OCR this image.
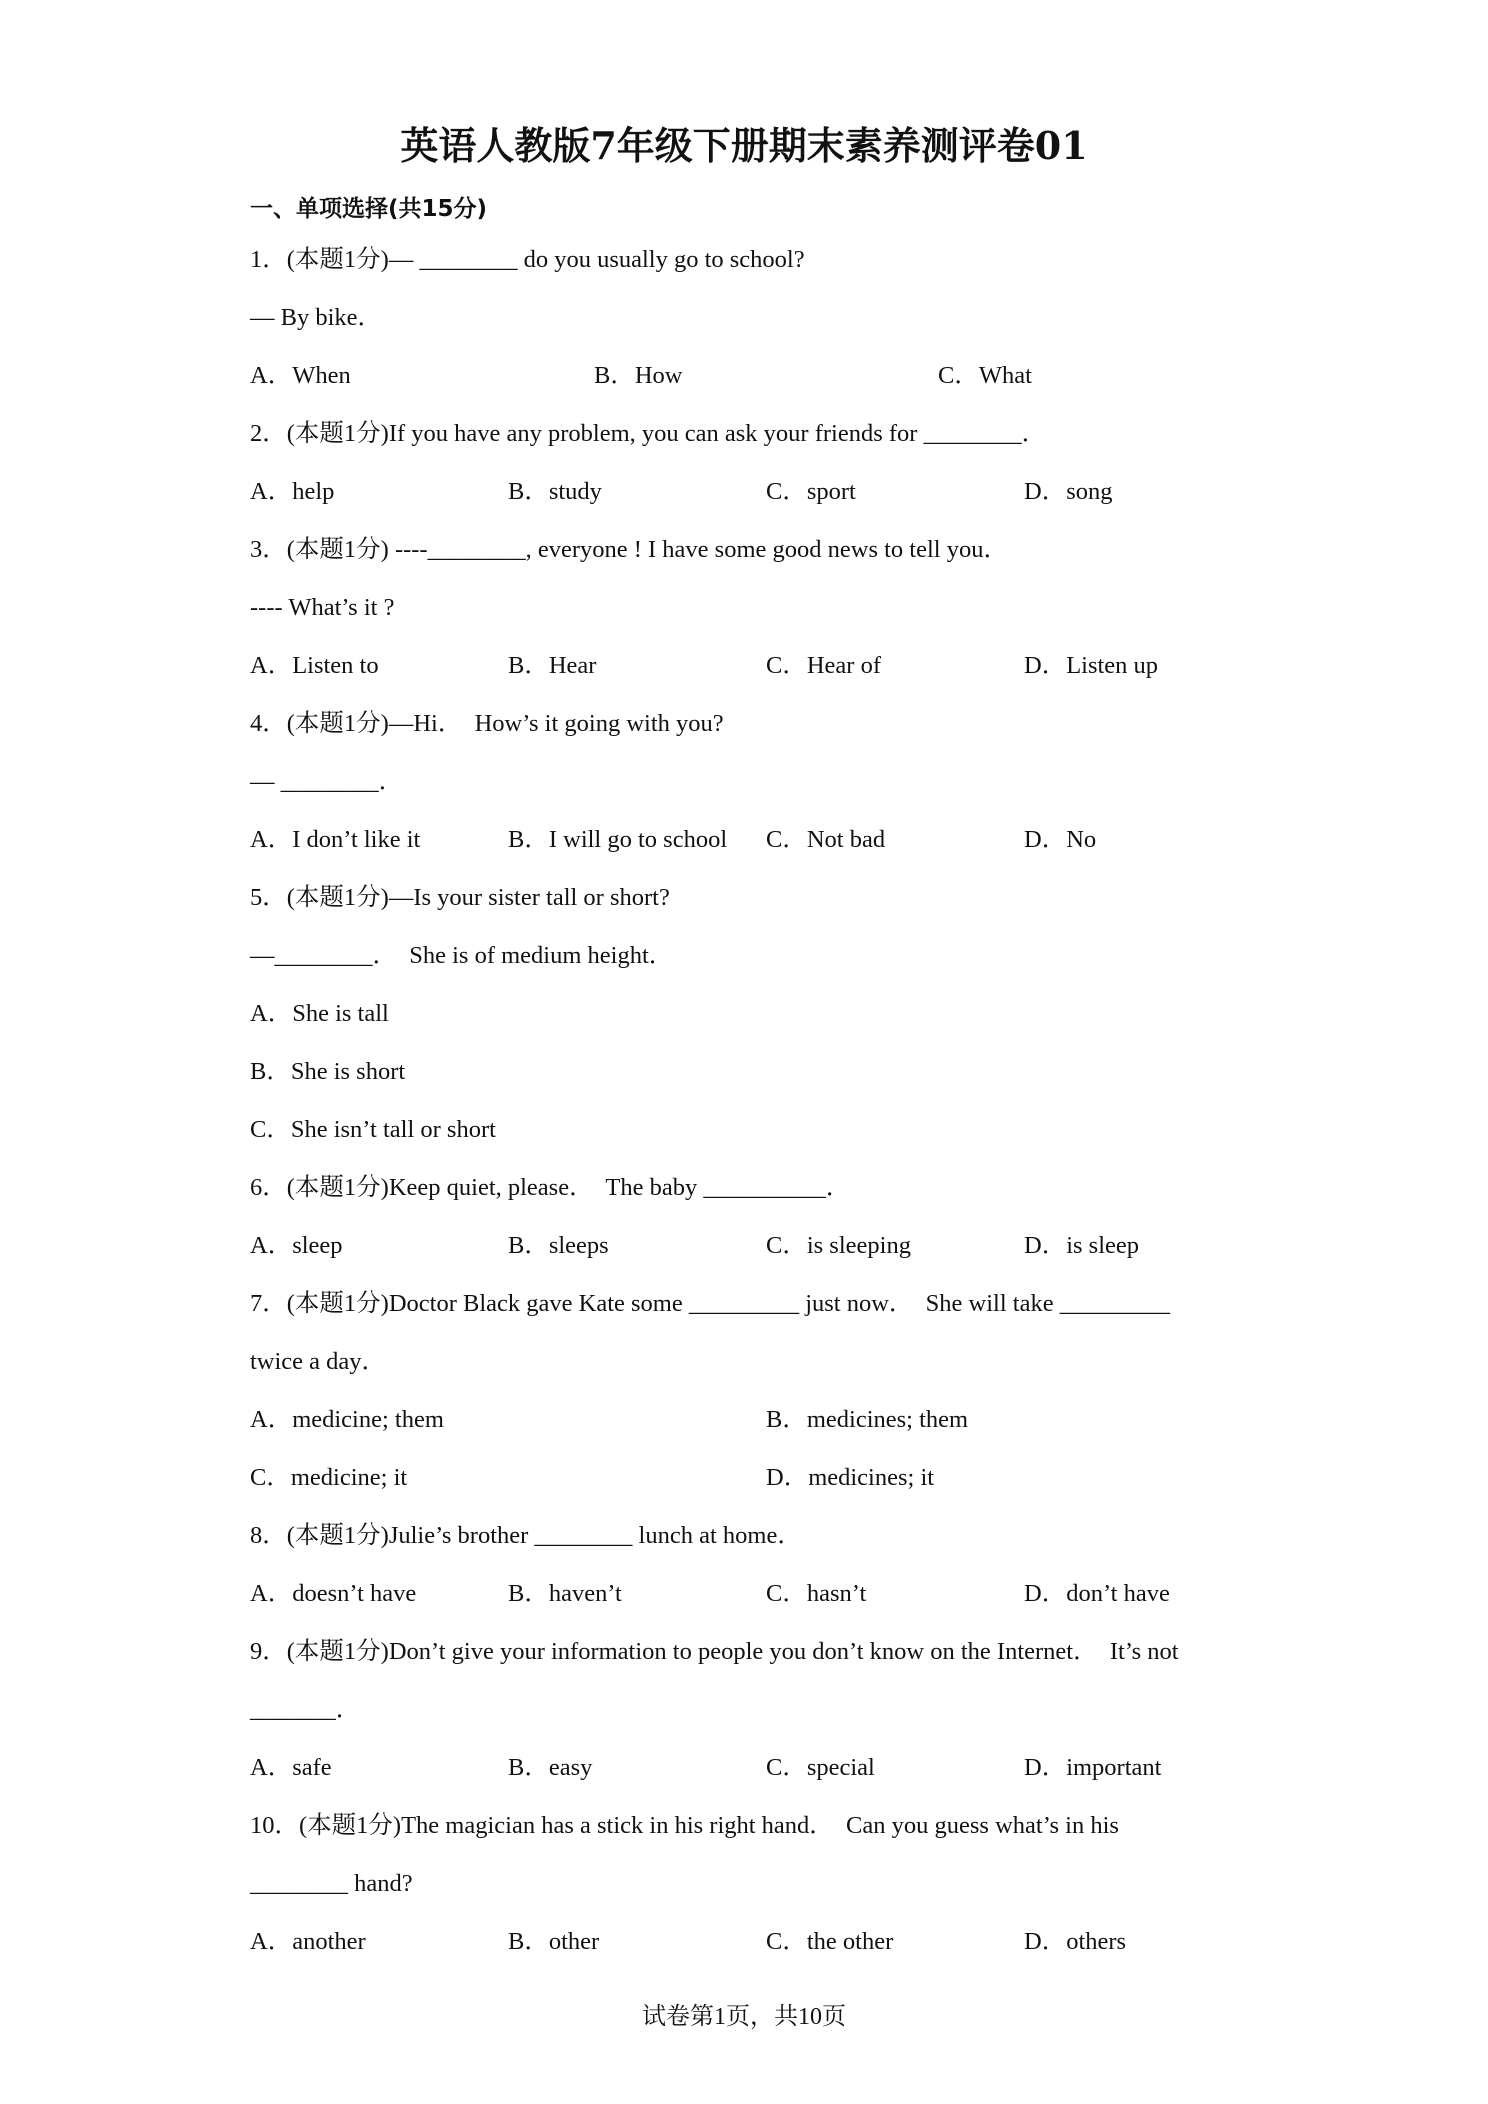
英语人教版7年级下册期末素养测评卷01
一、单项选择(共15分)
1．(本题1分)— ________ do you usually go to school?
— By bike．
A．When	B．How	C．What
2．(本题1分)If you have any problem, you can ask your friends for ________．
A．help	B．study	C．sport	D．song
3．(本题1分) ----________, everyone ! I have some good news to tell you．
---- What’s it ?
A．Listen to	B．Hear	C．Hear of	D．Listen up
4．(本题1分)—Hi．  How’s it going with you?
— ________．
A．I don’t like it	B．I will go to school C．Not bad	D．No
5．(本题1分)—Is your sister tall or short?
—________．  She is of medium height．
A．She is tall
B．She is short
C．She isn’t tall or short
6．(本题1分)Keep quiet, please．  The baby __________．
A．sleep	B．sleeps	C．is sleeping	D．is sleep
7．(本题1分)Doctor Black gave Kate some _________ just now．  She will take _________
twice a day．
A．medicine; them	B．medicines; them
C．medicine; it	D．medicines; it
8．(本题1分)Julie’s brother ________ lunch at home．
A．doesn’t have	B．haven’t	C．hasn’t	D．don’t have
9．(本题1分)Don’t give your information to people you don’t know on the Internet．  It’s not
_______．
A．safe	B．easy	C．special	D．important
10．(本题1分)The magician has a stick in his right hand．  Can you guess what’s in his
________ hand?
A．another	B．other	C．the other	D．others
试卷第1页，共10页
